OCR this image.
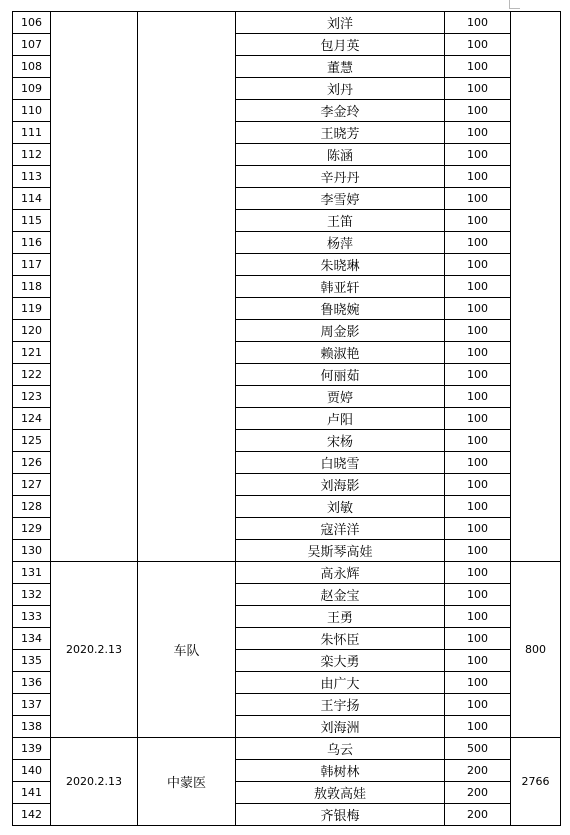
106			刘洋	100	
107			包月英	100	
108			董慧	100	
109			刘丹	100	
110			李金玲	100	
111			王晓芳	100	
112			陈涵	100	
113			辛丹丹	100	
114			李雪婷	100	
115			王笛	100	
116			杨萍	100	
117			朱晓琳	100	
118			韩亚轩	100	
119			鲁晓婉	100	
120			周金影	100	
121			赖淑艳	100	
122			何丽茹	100	
123			贾婷	100	
124			卢阳	100	
125			宋杨	100	
126			白晓雪	100	
127			刘海影	100	
128			刘敏	100	
129			寇洋洋	100	
130			吴斯琴高娃	100	
131	2020.2.13	车队	高永辉	100	800
132			赵金宝	100	
133			王勇	100	
134			朱怀臣	100	
135			栾大勇	100	
136			由广大	100	
137			王宇扬	100	
138			刘海洲	100	
139	2020.2.13	中蒙医	乌云	500	2766
140			韩树林	200	
141			敖敦高娃	200	
142			齐银梅	200	
